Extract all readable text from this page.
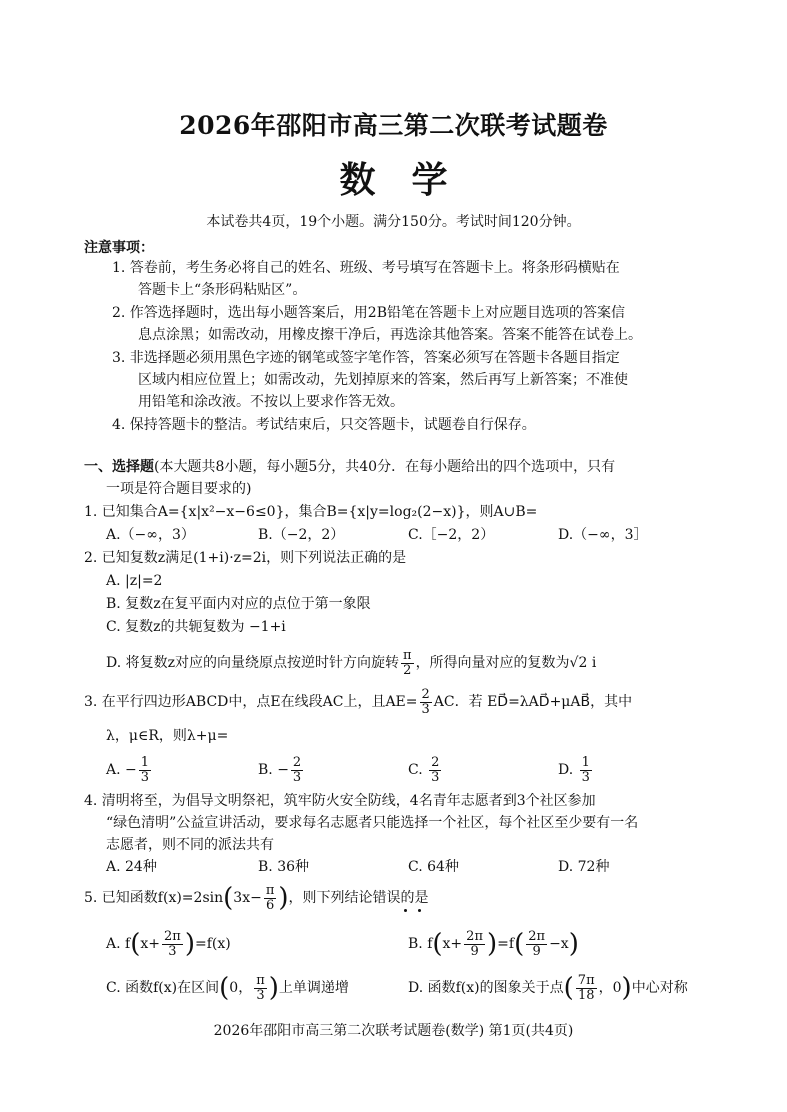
2026年邵阳市高三第二次联考试题卷
数学
本试卷共4页，19个小题。满分150分。考试时间120分钟。
注意事项：
1. 答卷前，考生务必将自己的姓名、班级、考号填写在答题卡上。将条形码横贴在
答题卡上“条形码粘贴区”。
2. 作答选择题时，选出每小题答案后，用2B铅笔在答题卡上对应题目选项的答案信
息点涂黑；如需改动，用橡皮擦干净后，再选涂其他答案。答案不能答在试卷上。
3. 非选择题必须用黑色字迹的钢笔或签字笔作答，答案必须写在答题卡各题目指定
区域内相应位置上；如需改动，先划掉原来的答案，然后再写上新答案；不准使
用铅笔和涂改液。不按以上要求作答无效。
4. 保持答题卡的整洁。考试结束后，只交答题卡，试题卷自行保存。
一、选择题(本大题共8小题，每小题5分，共40分．在每小题给出的四个选项中，只有
一项是符合题目要求的)
1. 已知集合A={x|x²−x−6≤0}，集合B={x|y=log₂(2−x)}，则A∪B=
A.（−∞，3）	B.（−2，2）	C.［−2，2）	D.（−∞，3］
2. 已知复数z满足(1+i)·z=2i，则下列说法正确的是
A. |z|=2
B. 复数z在复平面内对应的点位于第一象限
C. 复数z的共轭复数为 −1+i
D. 将复数z对应的向量绕原点按逆时针方向旋转 $\frac{\pi}{2}$ ，所得向量对应的复数为√2 i
3. 在平行四边形ABCD中，点E在线段AC上，且$AE= \frac{2}{3}$ AC．若 ED⃗=λAD⃗+μAB⃗，其中
λ，μ∈R，则λ+μ=
A. − $\frac{1}{3}$	B. − $\frac{2}{3}$	C. $\frac{2}{3}$	D. $\frac{1}{3}$
4. 清明将至，为倡导文明祭祀，筑牢防火安全防线，4名青年志愿者到3个社区参加
“绿色清明”公益宣讲活动，要求每名志愿者只能选择一个社区，每个社区至少要有一名
志愿者，则不同的派法共有
A. 24种	B. 36种	C. 64种	D. 72种
5. 已知函数$f(x)=2\sin(3x- \frac{\pi}{6}$ )，则下列结论错误的是
A. $f(x+ \frac{2\pi}{3} )=f(x)$	B. $f(x+ \frac{2\pi}{9} )=f( \frac{2\pi}{9} -x)$
C. 函数f(x)在区间(0， $\frac{\pi}{3}$ )上单调递增	D. 函数f(x)的图象关于点( $\frac{7\pi}{18}$ ，0)中心对称
2026年邵阳市高三第二次联考试题卷(数学) 第1页(共4页)
